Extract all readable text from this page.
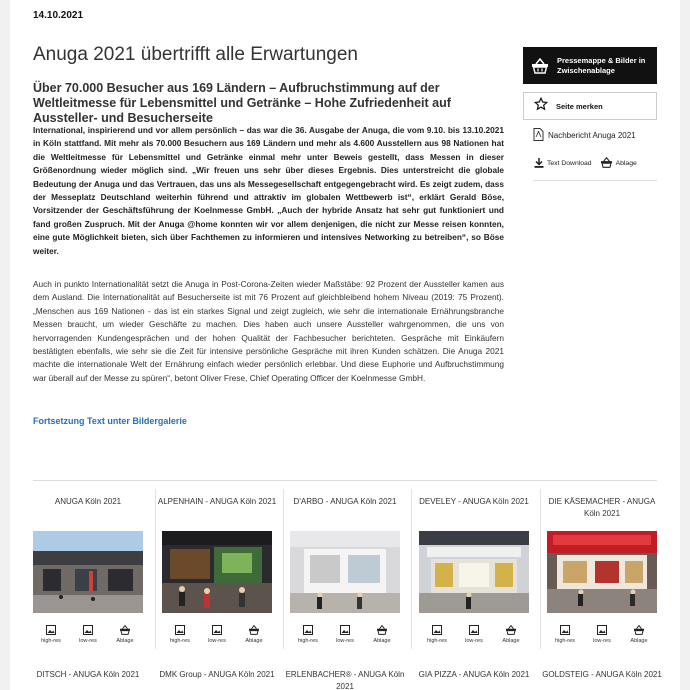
14.10.2021
Anuga 2021 übertrifft alle Erwartungen
Über 70.000 Besucher aus 169 Ländern – Aufbruchstimmung auf der Weltleitmesse für Lebensmittel und Getränke – Hohe Zufriedenheit auf Aussteller- und Besucherseite

International, inspirierend und vor allem persönlich – das war die 36. Ausgabe der Anuga, die vom 9.10. bis 13.10.2021 in Köln stattfand. Mit mehr als 70.000 Besuchern aus 169 Ländern und mehr als 4.600 Ausstellern aus 98 Nationen hat die Weltleitmesse für Lebensmittel und Getränke einmal mehr unter Beweis gestellt, dass Messen in dieser Größenordnung wieder möglich sind. „Wir freuen uns sehr über dieses Ergebnis. Dies unterstreicht die globale Bedeutung der Anuga und das Vertrauen, das uns als Messegesellschaft entgegengebracht wird. Es zeigt zudem, dass der Messeplatz Deutschland weiterhin führend und attraktiv im globalen Wettbewerb ist“, erklärt Gerald Böse, Vorsitzender der Geschäftsführung der Koelnmesse GmbH. „Auch der hybride Ansatz hat sehr gut funktioniert und fand großen Zuspruch. Mit der Anuga @home konnten wir vor allem denjenigen, die nicht zur Messe reisen konnten, eine gute Möglichkeit bieten, sich über Fachthemen zu informieren und intensives Networking zu betreiben“, so Böse weiter.

Auch in punkto Internationalität setzt die Anuga in Post-Corona-Zeiten wieder Maßstäbe: 92 Prozent der Aussteller kamen aus dem Ausland. Die Internationalität auf Besucherseite ist mit 76 Prozent auf gleichbleibend hohem Niveau (2019: 75 Prozent). „Menschen aus 169 Nationen - das ist ein starkes Signal und zeigt zugleich, wie sehr die internationale Ernährungsbranche Messen braucht, um wieder Geschäfte zu machen. Dies haben auch unsere Aussteller wahrgenommen, die uns von hervorragenden Kundengesprächen und der hohen Qualität der Fachbesucher berichteten. Gespräche mit Einkäufern bestätigten ebenfalls, wie sehr sie die Zeit für intensive persönliche Gespräche mit ihren Kunden schätzen. Die Anuga 2021 machte die internationale Welt der Ernährung einfach wieder persönlich erlebbar. Und diese Euphorie und Aufbruchstimmung war überall auf der Messe zu spüren“, betont Oliver Frese, Chief Operating Officer der Koelnmesse GmbH.

Fortsetzung Text unter Bildergalerie
Pressemappe & Bilder in Zwischenablage
Seite merken
Nachbericht Anuga 2021
Text Download	Ablage
ANUGA Köln 2021
high-res	low-res	Ablage
ALPENHAIN - ANUGA Köln 2021
high-res	low-res	Ablage
D'ARBO - ANUGA Köln 2021
high-res	low-res	Ablage
DEVELEY - ANUGA Köln 2021
high-res	low-res	Ablage
DIE KÄSEMACHER - ANUGA Köln 2021
high-res	low-res	Ablage
DITSCH - ANUGA Köln 2021	DMK Group - ANUGA Köln 2021	ERLENBACHER® - ANUGA Köln 2021
GIA PIZZA - ANUGA Köln 2021	GOLDSTEIG - ANUGA Köln 2021
